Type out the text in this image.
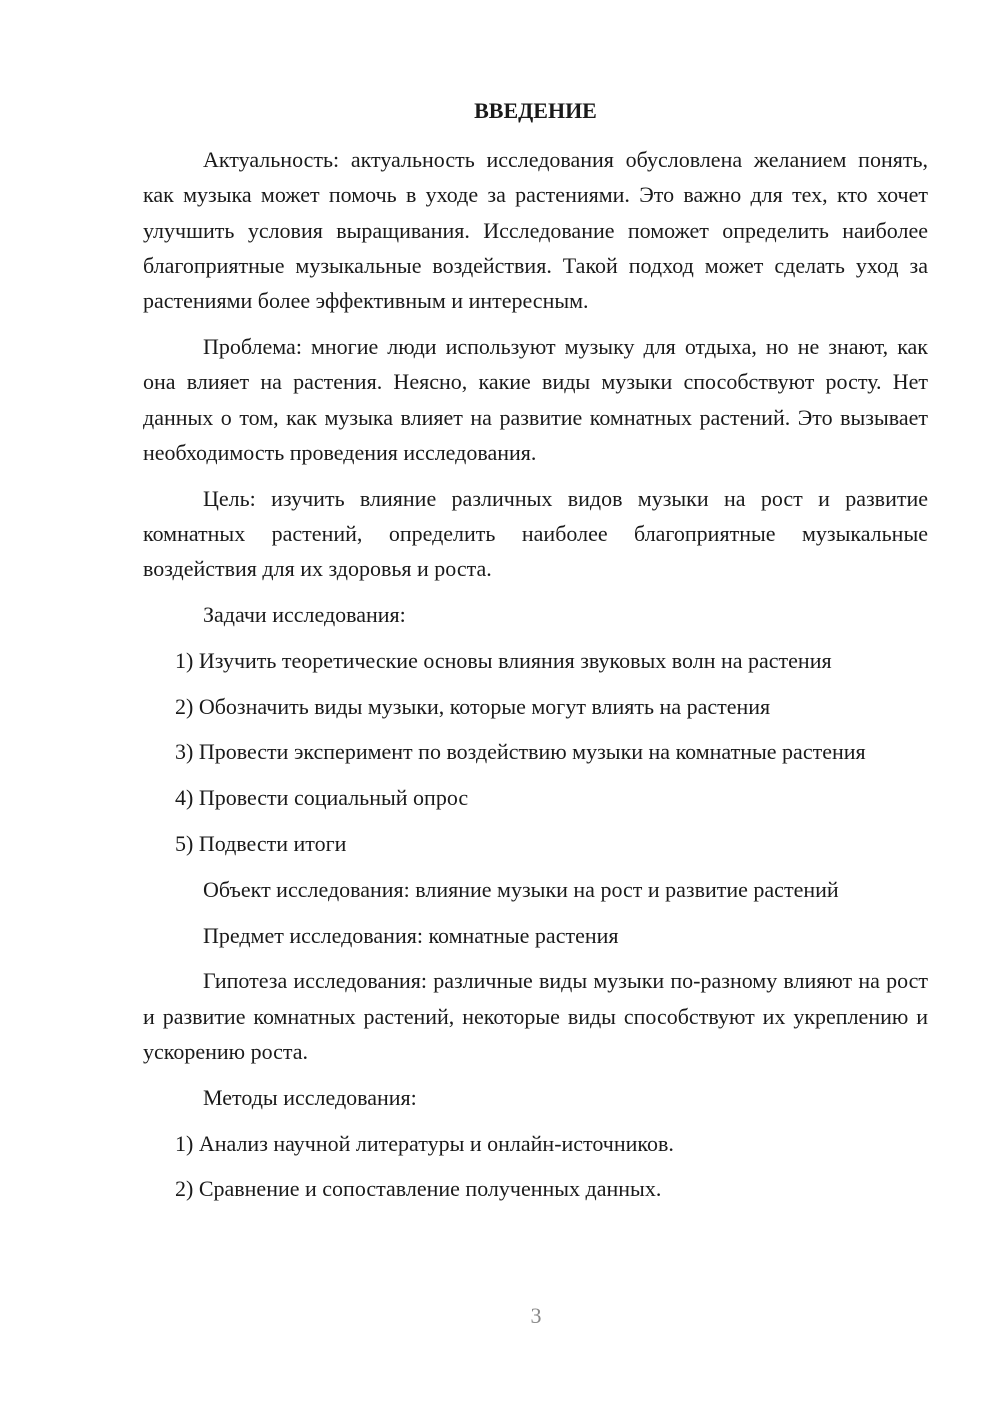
ВВЕДЕНИЕ

Актуальность: актуальность исследования обусловлена желанием понять, как музыка может помочь в уходе за растениями. Это важно для тех, кто хочет улучшить условия выращивания. Исследование поможет определить наиболее благоприятные музыкальные воздействия. Такой подход может сделать уход за растениями более эффективным и интересным.

Проблема: многие люди используют музыку для отдыха, но не знают, как она влияет на растения. Неясно, какие виды музыки способствуют росту. Нет данных о том, как музыка влияет на развитие комнатных растений. Это вызывает необходимость проведения исследования.

Цель: изучить влияние различных видов музыки на рост и развитие комнатных растений, определить наиболее благоприятные музыкальные воздействия для их здоровья и роста.

Задачи исследования:

1) Изучить теоретические основы влияния звуковых волн на растения

2) Обозначить виды музыки, которые могут влиять на растения

3) Провести эксперимент по воздействию музыки на комнатные растения

4) Провести социальный опрос

5) Подвести итоги

Объект исследования: влияние музыки на рост и развитие растений

Предмет исследования: комнатные растения

Гипотеза исследования: различные виды музыки по-разному влияют на рост и развитие комнатных растений, некоторые виды способствуют их укреплению и ускорению роста.

Методы исследования:

1) Анализ научной литературы и онлайн-источников.

2) Сравнение и сопоставление полученных данных.

3
